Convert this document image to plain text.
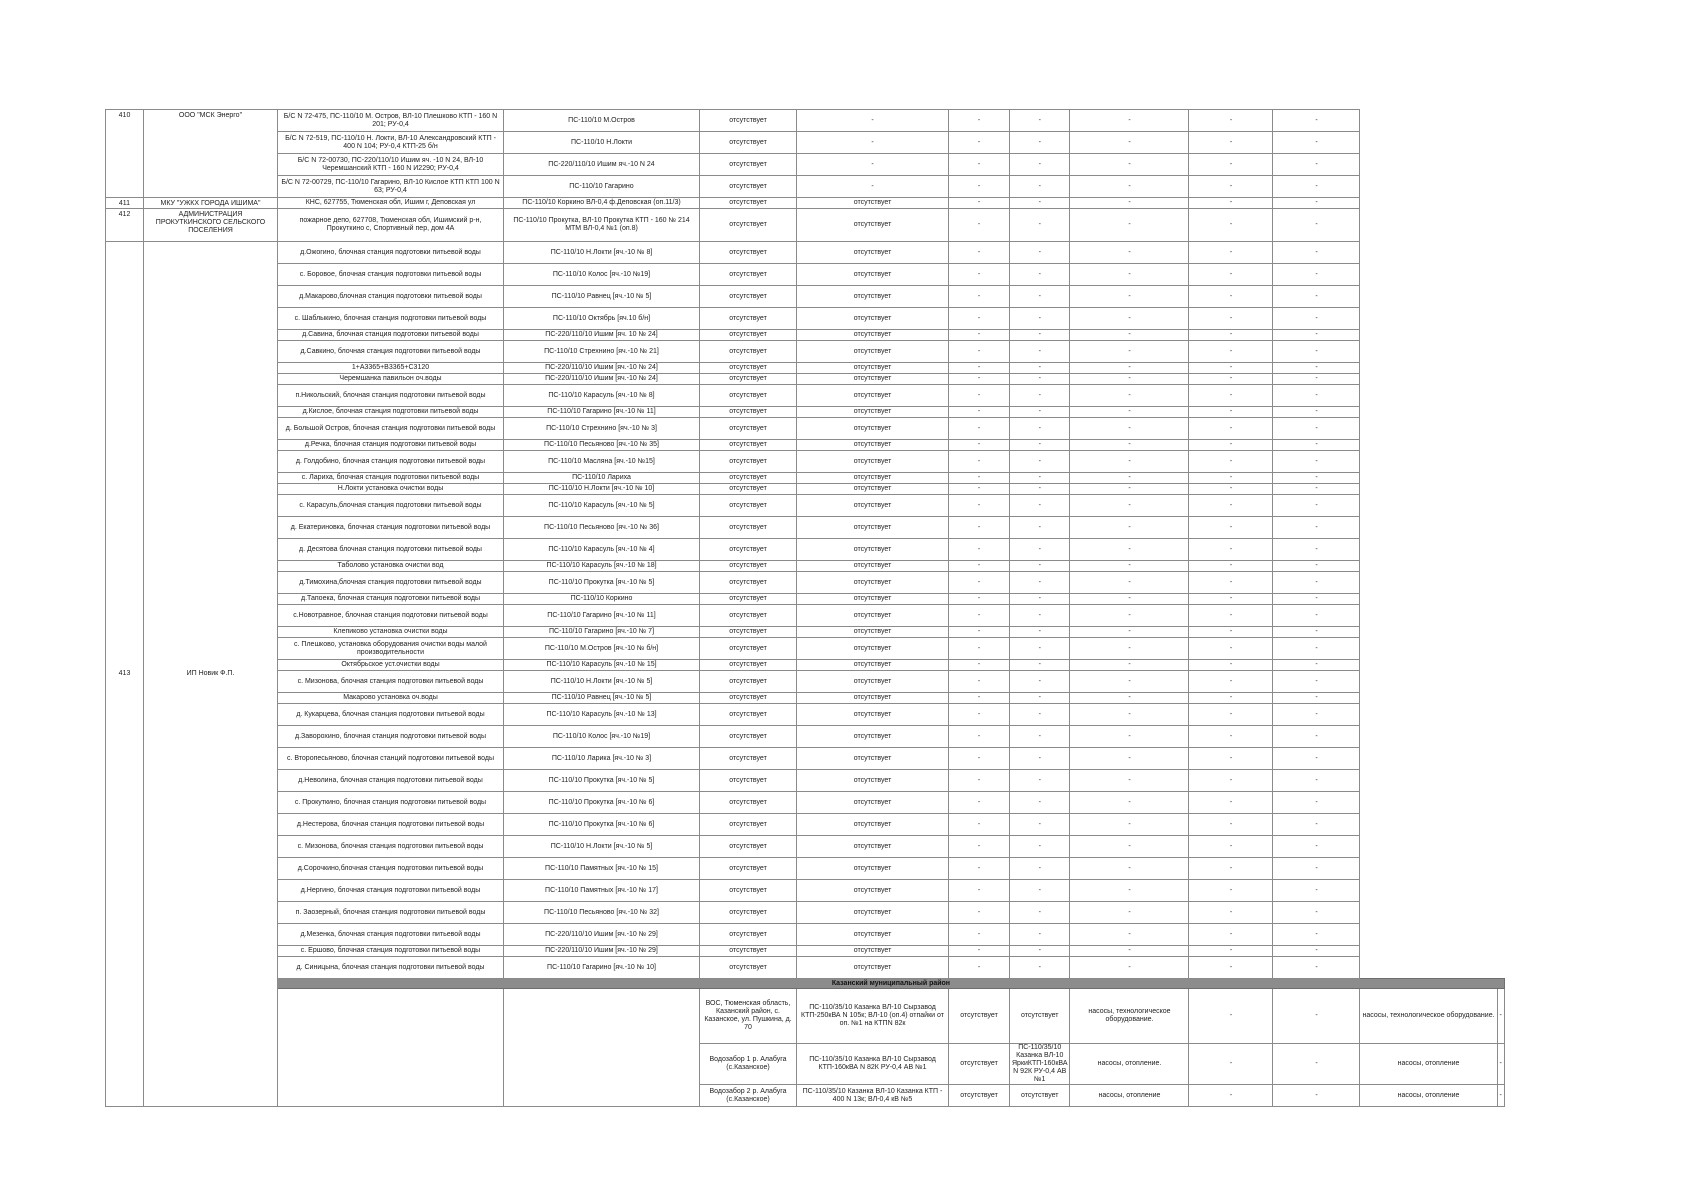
410	ООО "МСК Энерго"	Б/С N 72-475, ПС-110/10 М. Остров, ВЛ-10 Плешково КТП - 160 N 201; РУ-0,4	ПС-110/10 М.Остров	отсутствует	-	-	-	-	-	-		
		Б/С N 72-519, ПС-110/10 Н. Локти, ВЛ-10 Александровский КТП - 400 N 104; РУ-0,4 КТП-25 б/н	ПС-110/10 Н.Локти	отсутствует	-	-	-	-	-	-		
		Б/С N 72-00730, ПС-220/110/10 Ишим яч. -10 N 24, ВЛ-10 Черемшанский КТП - 160 N И2290; РУ-0,4	ПС-220/110/10 Ишим яч.-10 N 24	отсутствует	-	-	-	-	-	-		
		Б/С N 72-00729, ПС-110/10 Гагарино, ВЛ-10 Кислое КТП КТП 100 N 63; РУ-0,4	ПС-110/10 Гагарино	отсутствует	-	-	-	-	-	-		
411	МКУ "УЖКХ ГОРОДА ИШИМА"	КНС, 627755, Тюменская обл, Ишим г, Деповская ул	ПС-110/10 Коркино ВЛ-0,4 ф.Деповская (оп.11/3)	отсутствует	отсутствует	-	-	-	-	-		
412	АДМИНИСТРАЦИЯ ПРОКУТКИНСКОГО СЕЛЬСКОГО ПОСЕЛЕНИЯ	пожарное депо, 627708, Тюменская обл, Ишимский р-н, Прокуткино с, Спортивный пер, дом 4А	ПС-110/10 Прокутка, ВЛ-10 Прокутка КТП - 160 № 214 МТМ ВЛ-0,4 №1 (оп.8)	отсутствует	отсутствует	-	-	-	-	-		
413	ИП Новик Ф.П.	д.Ожогино, блочная станция подготовки питьевой воды	ПС-110/10 Н.Локти [яч.-10 № 8]	отсутствует	отсутствует	-	-	-	-	-		
		с. Боровое, блочная станция подготовки питьевой воды	ПС-110/10 Колос [яч.-10 №19]	отсутствует	отсутствует	-	-	-	-	-		
		д.Макарово,блочная станция подготовки питьевой воды	ПС-110/10 Равнец [яч.-10 № 5]	отсутствует	отсутствует	-	-	-	-	-		
		с. Шаблыкино, блочная станция подготовки питьевой воды	ПС-110/10 Октябрь [яч.10 б/н]	отсутствует	отсутствует	-	-	-	-	-		
		д.Савина, блочная станция подготовки питьевой воды	ПС-220/110/10 Ишим [яч. 10 № 24]	отсутствует	отсутствует	-	-	-	-	-		
		д.Савкино, блочная станция подготовки питьевой воды	ПС-110/10 Стрехнино [яч.-10 № 21]	отсутствует	отсутствует	-	-	-	-	-		
		1+A3365+B3365+C3120	ПС-220/110/10 Ишим [яч.-10 № 24]	отсутствует	отсутствует	-	-	-	-	-		
		Черемшанка павильон оч.воды	ПС-220/110/10 Ишим [яч.-10 № 24]	отсутствует	отсутствует	-	-	-	-	-		
		п.Никольский, блочная станция подготовки питьевой воды	ПС-110/10 Карасуль [яч.-10 № 8]	отсутствует	отсутствует	-	-	-	-	-		
		д.Кислое, блочная станция подготовки питьевой воды	ПС-110/10 Гагарино [яч.-10 № 11]	отсутствует	отсутствует	-	-	-	-	-		
		д. Большой Остров, блочная станция подготовки питьевой воды	ПС-110/10 Стрехнино [яч.-10 № 3]	отсутствует	отсутствует	-	-	-	-	-		
		д.Речка, блочная станция подготовки питьевой воды	ПС-110/10 Песьяново [яч.-10 № 35]	отсутствует	отсутствует	-	-	-	-	-		
		д. Голдобино, блочная станция подготовки питьевой воды	ПС-110/10 Масляна [яч.-10 №15]	отсутствует	отсутствует	-	-	-	-	-		
		с. Лариха, блочная станция подготовки питьевой воды	ПС-110/10 Лариха	отсутствует	отсутствует	-	-	-	-	-		
		Н.Локти установка очистки воды	ПС-110/10 Н.Локти [яч.-10 № 10]	отсутствует	отсутствует	-	-	-	-	-		
		с. Карасуль,блочная станция подготовки питьевой воды	ПС-110/10 Карасуль [яч.-10 № 5]	отсутствует	отсутствует	-	-	-	-	-		
		д. Екатериновка, блочная станция подготовки питьевой воды	ПС-110/10 Песьяново [яч.-10 № 36]	отсутствует	отсутствует	-	-	-	-	-		
		д. Десятова блочная станция подготовки питьевой воды	ПС-110/10 Карасуль [яч.-10 № 4]	отсутствует	отсутствует	-	-	-	-	-		
		Таболово установка очистки вод	ПС-110/10 Карасуль [яч.-10 № 18]	отсутствует	отсутствует	-	-	-	-	-		
		д.Тимохина,блочная станция подготовки питьевой воды	ПС-110/10 Прокутка [яч.-10 № 5]	отсутствует	отсутствует	-	-	-	-	-		
		д.Тапоека, блочная станция подготовки питьевой воды	ПС-110/10 Коркино	отсутствует	отсутствует	-	-	-	-	-		
		с.Новотравное, блочная станция подготовки питьевой воды	ПС-110/10 Гагарино [яч.-10 № 11]	отсутствует	отсутствует	-	-	-	-	-		
		Клепиково установка очистки воды	ПС-110/10 Гагарино [яч.-10 № 7]	отсутствует	отсутствует	-	-	-	-	-		
		с. Плешково, установка оборудования очистки воды малой производительности	ПС-110/10 М.Остров [яч.-10 № б/н]	отсутствует	отсутствует	-	-	-	-	-		
		Октябрьское уст.очистки воды	ПС-110/10 Карасуль [яч.-10 № 15]	отсутствует	отсутствует	-	-	-	-	-		
		с. Мизонова, блочная станция подготовки питьевой воды	ПС-110/10 Н.Локти [яч.-10 № 5]	отсутствует	отсутствует	-	-	-	-	-		
		Макарово установка оч.воды	ПС-110/10 Равнец [яч.-10 № 5]	отсутствует	отсутствует	-	-	-	-	-		
		д. Кукарцева, блочная станция подготовки питьевой воды	ПС-110/10 Карасуль [яч.-10 № 13]	отсутствует	отсутствует	-	-	-	-	-		
		д.Заворохино, блочная станция подготовки питьевой воды	ПС-110/10 Колос [яч.-10 №19]	отсутствует	отсутствует	-	-	-	-	-		
		с. Второпесьяново, блочная станций подготовки питьевой воды	ПС-110/10 Ларика [яч.-10 № 3]	отсутствует	отсутствует	-	-	-	-	-		
		д.Неволина, блочная станция подготовки питьевой воды	ПС-110/10 Прокутка [яч.-10 № 5]	отсутствует	отсутствует	-	-	-	-	-		
		с. Прокуткино, блочная станция подготовки питьевой воды	ПС-110/10 Прокутка [яч.-10 № 6]	отсутствует	отсутствует	-	-	-	-	-		
		д.Нестерова, блочная станция подготовки питьевой воды	ПС-110/10 Прокутка [яч.-10 № 6]	отсутствует	отсутствует	-	-	-	-	-		
		с. Мизонова, блочная станция подготовки питьевой воды	ПС-110/10 Н.Локти [яч.-10 № 5]	отсутствует	отсутствует	-	-	-	-	-		
		д.Сорочкино,блочная станция подготовки питьевой воды	ПС-110/10 Памятных [яч.-10 № 15]	отсутствует	отсутствует	-	-	-	-	-		
		д.Нергино, блочная станция подготовки питьевой воды	ПС-110/10 Памятных [яч.-10 № 17]	отсутствует	отсутствует	-	-	-	-	-		
		п. Заозерный, блочная станция подготовки питьевой воды	ПС-110/10 Песьяново [яч.-10 № 32]	отсутствует	отсутствует	-	-	-	-	-		
		д.Мезенка, блочная станция подготовки питьевой воды	ПС-220/110/10 Ишим [яч.-10 № 29]	отсутствует	отсутствует	-	-	-	-	-		
		с. Ершово, блочная станция подготовки питьевой воды	ПС-220/110/10 Ишим [яч.-10 № 29]	отсутствует	отсутствует	-	-	-	-	-		
		д. Синицына, блочная станция подготовки питьевой воды	ПС-110/10 Гагарино [яч.-10 № 10]	отсутствует	отсутствует	-	-	-	-	-		
		Казанский муниципальный район										
				ВОС, Тюменская область, Казанский район, с. Казанское, ул. Пушкина, д. 70	ПС-110/35/10 Казанка ВЛ-10 Сырзавод КТП-250кВА N 105к; ВЛ-10 (оп.4) отпайки от оп. №1 на КТПN 82к	отсутствует	отсутствует	насосы, технологическое оборудование.	-	-	насосы, технологическое оборудование.	-
				Водозабор 1 р. Алабуга (с.Казанское)	ПС-110/35/10 Казанка ВЛ-10 Сырзавод КТП-160кВА N 82К РУ-0,4 АВ №1	отсутствует	ПС-110/35/10 Казанка ВЛ-10 ЯркиКТП-160кВА N 92К РУ-0,4 АВ №1	насосы, отопление.	-	-	насосы, отопление	-
				Водозабор 2 р. Алабуга (с.Казанское)	ПС-110/35/10 Казанка ВЛ-10 Казанка КТП - 400 N 13к; ВЛ-0,4 кВ №5	отсутствует	отсутствует	насосы, отопление	-	-	насосы, отопление	-
